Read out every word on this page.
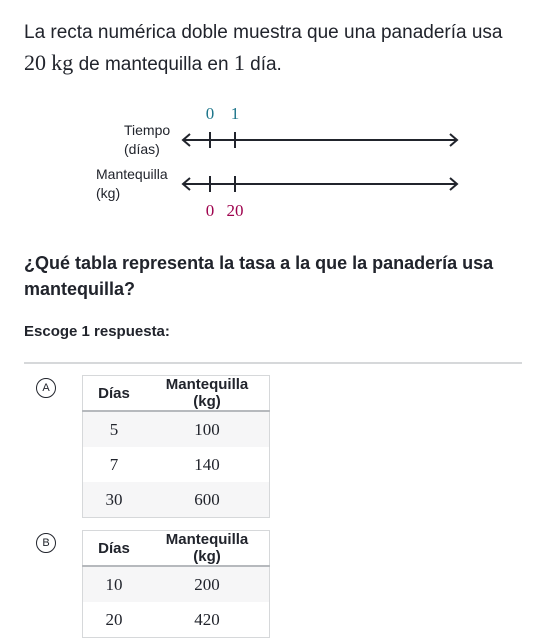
La recta numérica doble muestra que una panadería usa 20 kg de mantequilla en 1 día.
Tiempo
(días)
Mantequilla
(kg)
0 1
0 20
¿Qué tabla representa la tasa a la que la panadería usa mantequilla?
Escoge 1 respuesta:
A	Días	Mantequilla (kg)
5	100
7	140
30	600
B	Días	Mantequilla (kg)
10	200
20	420
